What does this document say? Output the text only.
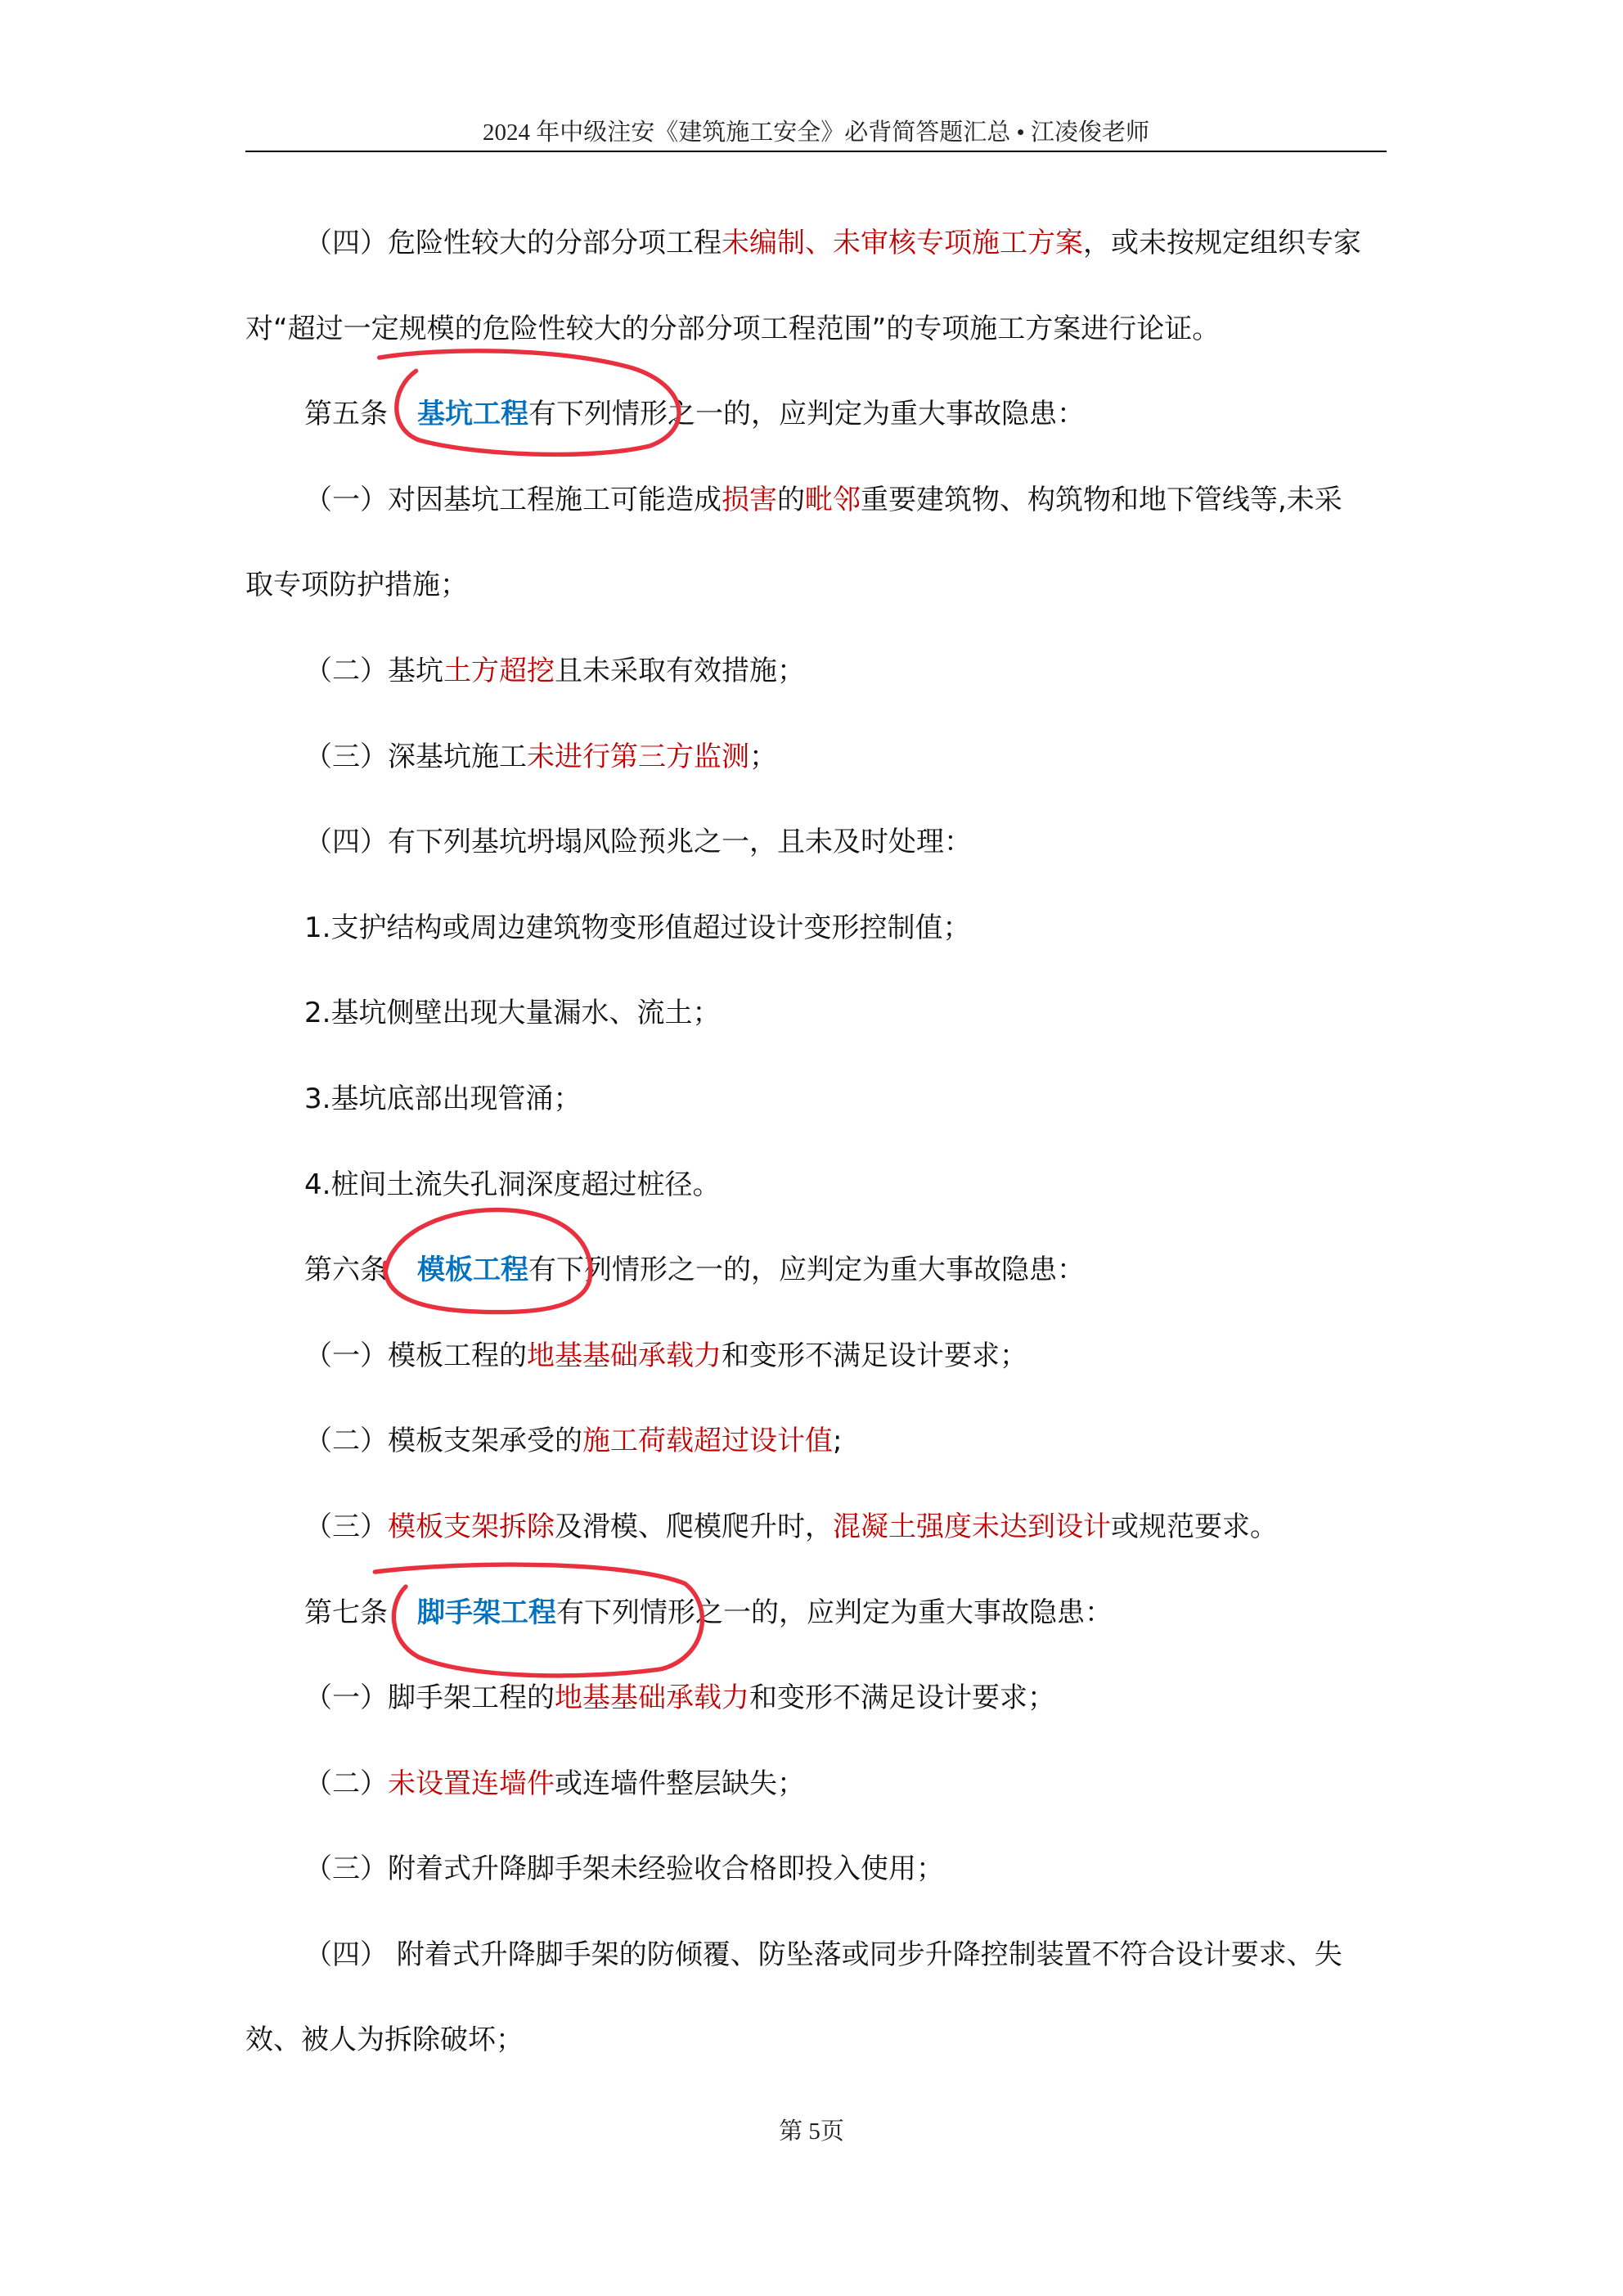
2024 年中级注安《建筑施工安全》必背简答题汇总 • 江凌俊老师
（四）危险性较大的分部分项工程未编制、未审核专项施工方案，或未按规定组织专家
对“超过一定规模的危险性较大的分部分项工程范围”的专项施工方案进行论证。
第五条 基坑工程有下列情形之一的，应判定为重大事故隐患：
（一）对因基坑工程施工可能造成损害的毗邻重要建筑物、构筑物和地下管线等,未采
取专项防护措施；
（二）基坑土方超挖且未采取有效措施；
（三）深基坑施工未进行第三方监测；
（四）有下列基坑坍塌风险预兆之一，且未及时处理：
1.支护结构或周边建筑物变形值超过设计变形控制值；
2.基坑侧壁出现大量漏水、流土；
3.基坑底部出现管涌；
4.桩间土流失孔洞深度超过桩径。
第六条 模板工程有下列情形之一的，应判定为重大事故隐患：
（一）模板工程的地基基础承载力和变形不满足设计要求；
（二）模板支架承受的施工荷载超过设计值;
（三）模板支架拆除及滑模、爬模爬升时，混凝土强度未达到设计或规范要求。
第七条 脚手架工程有下列情形之一的，应判定为重大事故隐患：
（一）脚手架工程的地基基础承载力和变形不满足设计要求；
（二）未设置连墙件或连墙件整层缺失；
（三）附着式升降脚手架未经验收合格即投入使用；
（四） 附着式升降脚手架的防倾覆、防坠落或同步升降控制装置不符合设计要求、失
效、被人为拆除破坏；
第 5页
